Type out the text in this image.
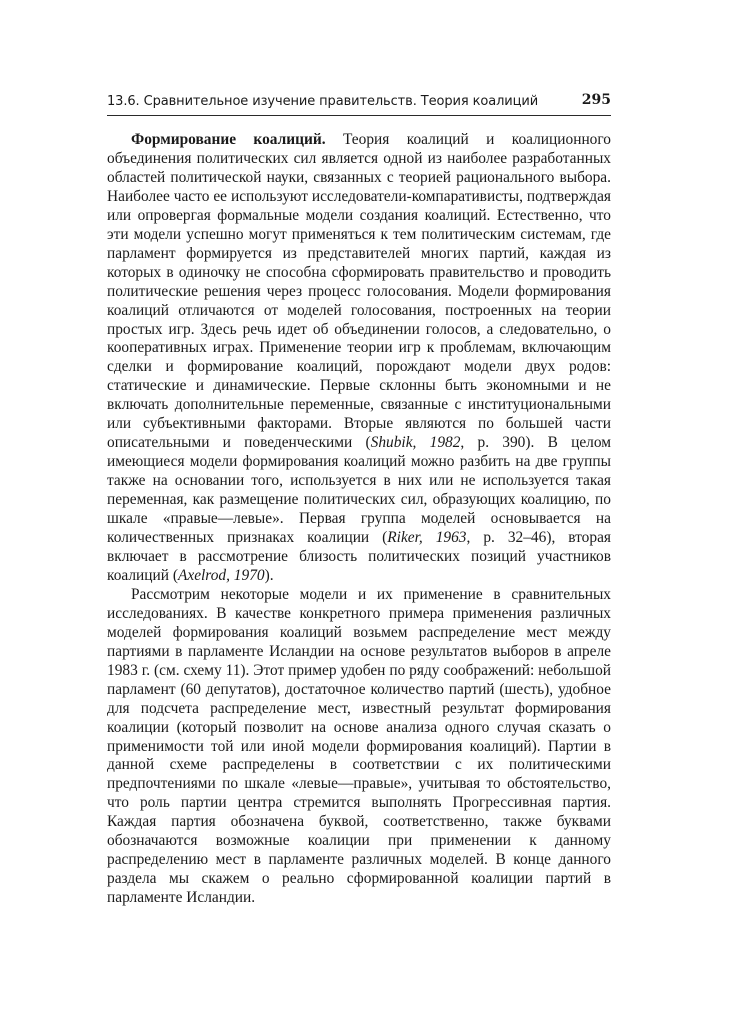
13.6. Сравнительное изучение правительств. Теория коалиций	295

Формирование коалиций. Теория коалиций и коалиционного объединения политических сил является одной из наиболее разработанных областей политической науки, связанных с теорией рационального выбора. Наиболее часто ее используют исследователи-компаративисты, подтверждая или опровергая формальные модели создания коалиций. Естественно, что эти модели успешно могут применяться к тем политическим системам, где парламент формируется из представителей многих партий, каждая из которых в одиночку не способна сформировать правительство и проводить политические решения через процесс голосования. Модели формирования коалиций отличаются от моделей голосования, построенных на теории простых игр. Здесь речь идет об объединении голосов, а следовательно, о кооперативных играх. Применение теории игр к проблемам, включающим сделки и формирование коалиций, порождают модели двух родов: статические и динамические. Первые склонны быть экономными и не включать дополнительные переменные, связанные с институциональными или субъективными факторами. Вторые являются по большей части описательными и поведенческими (Shubik, 1982, p. 390). В целом имеющиеся модели формирования коалиций можно разбить на две группы также на основании того, используется в них или не используется такая переменная, как размещение политических сил, образующих коалицию, по шкале «правые—левые». Первая группа моделей основывается на количественных признаках коалиции (Riker, 1963, р. 32–46), вторая включает в рассмотрение близость политических позиций участников коалиций (Axelrod, 1970).

Рассмотрим некоторые модели и их применение в сравнительных исследованиях. В качестве конкретного примера применения различных моделей формирования коалиций возьмем распределение мест между партиями в парламенте Исландии на основе результатов выборов в апреле 1983 г. (см. схему 11). Этот пример удобен по ряду соображений: небольшой парламент (60 депутатов), достаточное количество партий (шесть), удобное для подсчета распределение мест, известный результат формирования коалиции (который позволит на основе анализа одного случая сказать о применимости той или иной модели формирования коалиций). Партии в данной схеме распределены в соответствии с их политическими предпочтениями по шкале «левые—правые», учитывая то обстоятельство, что роль партии центра стремится выполнять Прогрессивная партия. Каждая партия обозначена буквой, соответственно, также буквами обозначаются возможные коалиции при применении к данному распределению мест в парламенте различных моделей. В конце данного раздела мы скажем о реально сформированной коалиции партий в парламенте Исландии.
